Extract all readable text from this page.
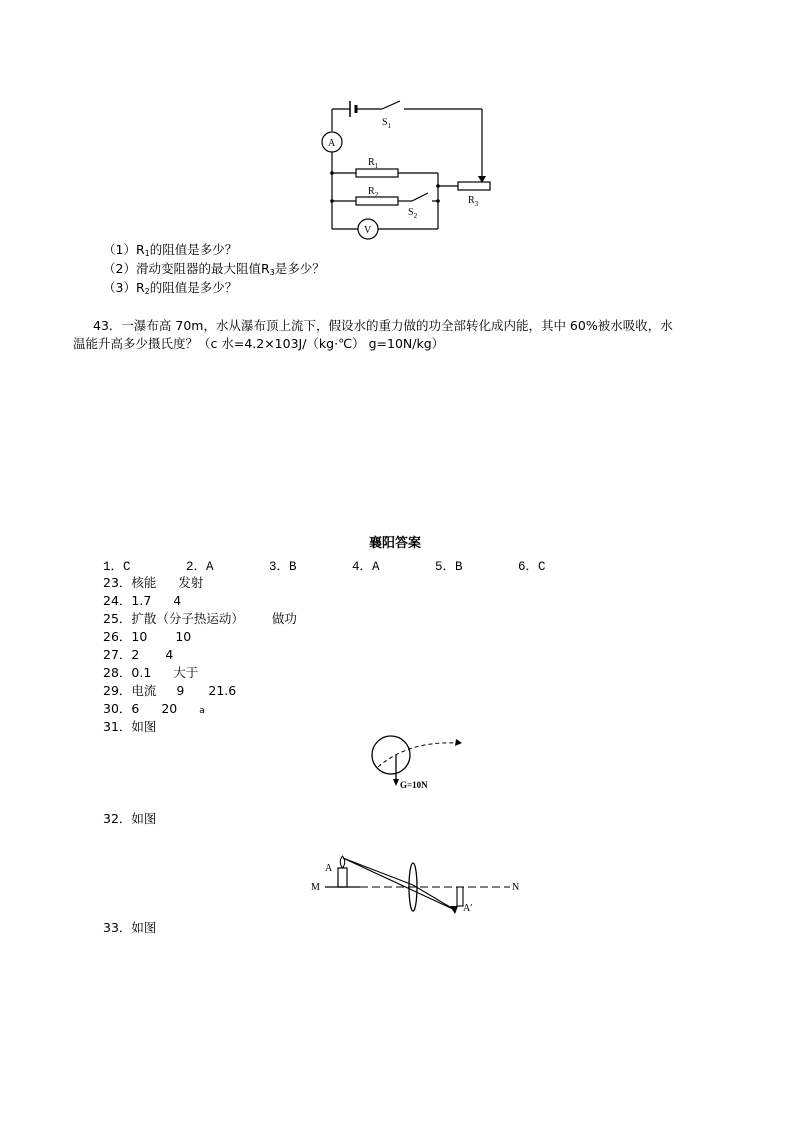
A
V
$S_1$
$R_1$
$R_2$
$S_2$
$R_3$
$(1)R_1$的阻值是多少？
（2）滑动变阻器的最大阻值$R_3$是多少？
$(3)R_2$的阻值是多少？
43．一瀑布高 70m，水从瀑布顶上流下，假设水的重力做的功全部转化成内能，其中 60%被水吸收，水
温能升高多少摄氏度？（c 水=4.2×103J/（kg·℃） g=10N/kg）
襄阳答案
1．C	2．A	3．B	4．A	5．B	6．C
23．核能 发射
24．1.7 4
25．扩散（分子热运动） 做功
26．10 10
27．2 4
28．0.1 大于
29．电流 9 21.6
30．6 20 a
31．如图
G=10N
32．如图
M
A
N
A′
33．如图
